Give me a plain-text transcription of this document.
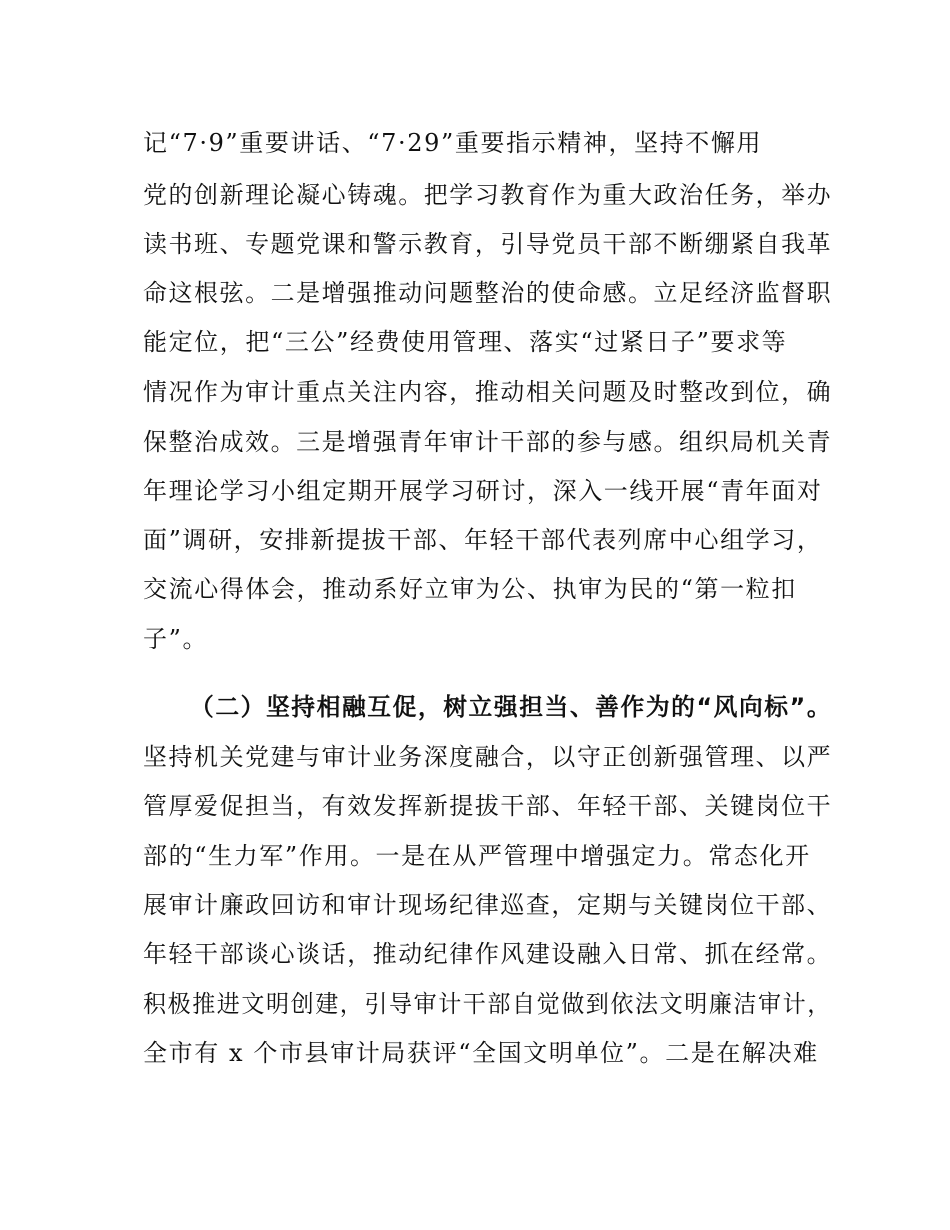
记“7·9”重要讲话、“7·29”重要指示精神，坚持不懈用
党的创新理论凝心铸魂。把学习教育作为重大政治任务，举办
读书班、专题党课和警示教育，引导党员干部不断绷紧自我革
命这根弦。二是增强推动问题整治的使命感。立足经济监督职
能定位，把“三公”经费使用管理、落实“过紧日子”要求等
情况作为审计重点关注内容，推动相关问题及时整改到位，确
保整治成效。三是增强青年审计干部的参与感。组织局机关青
年理论学习小组定期开展学习研讨，深入一线开展“青年面对
面”调研，安排新提拔干部、年轻干部代表列席中心组学习，
交流心得体会，推动系好立审为公、执审为民的“第一粒扣
子”。
（二）坚持相融互促，树立强担当、善作为的“风向标”。
坚持机关党建与审计业务深度融合，以守正创新强管理、以严
管厚爱促担当，有效发挥新提拔干部、年轻干部、关键岗位干
部的“生力军”作用。一是在从严管理中增强定力。常态化开
展审计廉政回访和审计现场纪律巡查，定期与关键岗位干部、
年轻干部谈心谈话，推动纪律作风建设融入日常、抓在经常。
积极推进文明创建，引导审计干部自觉做到依法文明廉洁审计，
全市有 x 个市县审计局获评“全国文明单位”。二是在解决难
